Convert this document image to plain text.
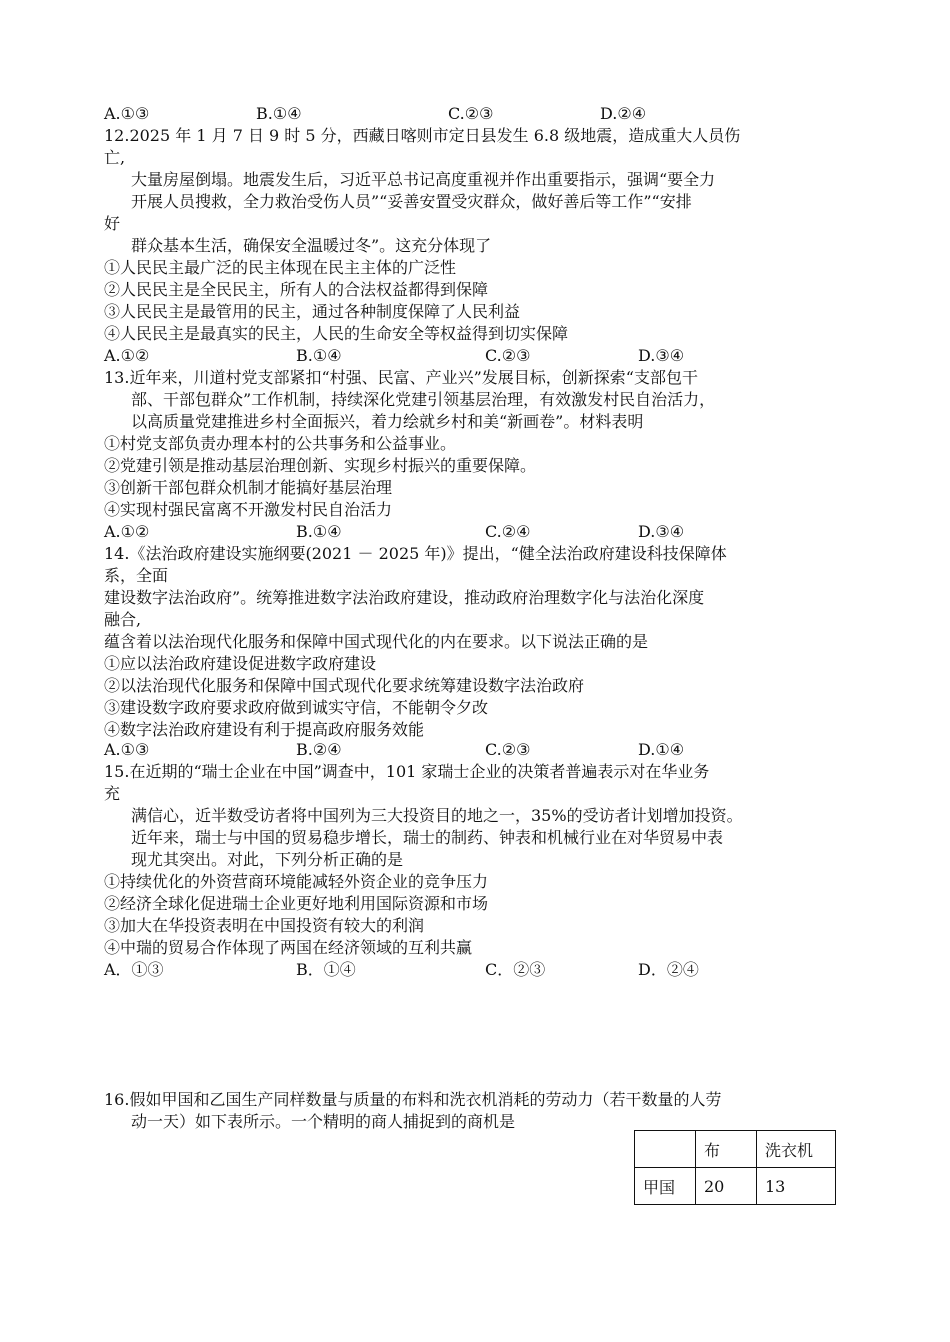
A.①③	B.①④	C.②③	D.②④
12.2025 年 1 月 7 日 9 时 5 分，西藏日喀则市定日县发生 6.8 级地震，造成重大人员伤
亡,
大量房屋倒塌。地震发生后，习近平总书记高度重视并作出重要指示，强调“要全力
开展人员搜救，全力救治受伤人员”“妥善安置受灾群众，做好善后等工作”“安排
好
群众基本生活，确保安全温暖过冬”。这充分体现了
①人民民主最广泛的民主体现在民主主体的广泛性
②人民民主是全民民主，所有人的合法权益都得到保障
③人民民主是最管用的民主，通过各种制度保障了人民利益
④人民民主是最真实的民主，人民的生命安全等权益得到切实保障
A.①②	B.①④	C.②③	D.③④
13.近年来，川道村党支部紧扣“村强、民富、产业兴”发展目标，创新探索“支部包干
部、干部包群众”工作机制，持续深化党建引领基层治理，有效激发村民自治活力，
以高质量党建推进乡村全面振兴，着力绘就乡村和美“新画卷”。材料表明
①村党支部负责办理本村的公共事务和公益事业。
②党建引领是推动基层治理创新、实现乡村振兴的重要保障。
③创新干部包群众机制才能搞好基层治理
④实现村强民富离不开激发村民自治活力
A.①②	B.①④	C.②④	D.③④
14.《法治政府建设实施纲要(2021 － 2025 年)》提出，“健全法治政府建设科技保障体
系，全面
建设数字法治政府”。统筹推进数字法治政府建设，推动政府治理数字化与法治化深度
融合,
蕴含着以法治现代化服务和保障中国式现代化的内在要求。以下说法正确的是
①应以法治政府建设促进数字政府建设
②以法治现代化服务和保障中国式现代化要求统筹建设数字法治政府
③建设数字政府要求政府做到诚实守信，不能朝令夕改
④数字法治政府建设有利于提高政府服务效能
A.①③	B.②④	C.②③	D.①④
15.在近期的“瑞士企业在中国”调查中，101 家瑞士企业的决策者普遍表示对在华业务
充
满信心，近半数受访者将中国列为三大投资目的地之一，35%的受访者计划增加投资。
近年来，瑞士与中国的贸易稳步增长，瑞士的制药、钟表和机械行业在对华贸易中表
现尤其突出。对此，下列分析正确的是
①持续优化的外资营商环境能减轻外资企业的竞争压力
②经济全球化促进瑞士企业更好地利用国际资源和市场
③加大在华投资表明在中国投资有较大的利润
④中瑞的贸易合作体现了两国在经济领域的互利共赢
A．①③	B．①④	C．②③	D．②④
16.假如甲国和乙国生产同样数量与质量的布料和洗衣机消耗的劳动力（若干数量的人劳
动一天）如下表所示。一个精明的商人捕捉到的商机是
	布	洗衣机
甲国	20	13
